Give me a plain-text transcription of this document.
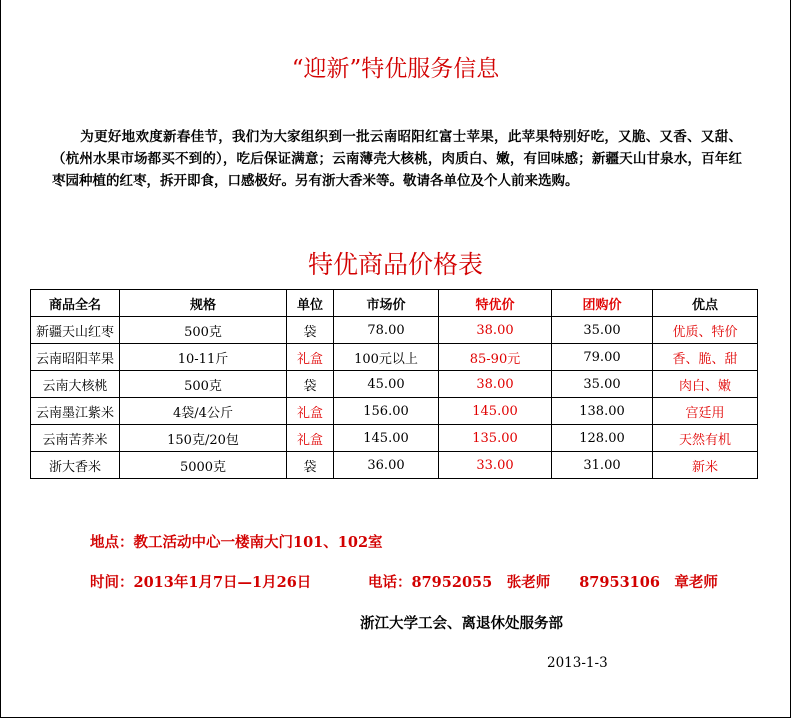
“迎新”特优服务信息

为更好地欢度新春佳节，我们为大家组织到一批云南昭阳红富士苹果，此苹果特别好吃，又脆、又香、又甜、（杭州水果市场都买不到的），吃后保证满意；云南薄壳大核桃，肉质白、嫩，有回味感；新疆天山甘泉水，百年红枣园种植的红枣，拆开即食，口感极好。另有浙大香米等。敬请各单位及个人前来选购。

特优商品价格表
商品全名	规格	单位	市场价	特优价	团购价	优点
新疆天山红枣	500克	袋	78.00	38.00	35.00	优质、特价
云南昭阳苹果	10-11斤	礼盒	100元以上	85-90元	79.00	香、脆、甜
云南大核桃	500克	袋	45.00	38.00	35.00	肉白、嫩
云南墨江紫米	4袋/4公斤	礼盒	156.00	145.00	138.00	宫廷用
云南苦荞米	150克/20包	礼盒	145.00	135.00	128.00	天然有机
浙大香米	5000克	袋	36.00	33.00	31.00	新米

地点：教工活动中心一楼南大门101、102室

时间：2013年1月7日—1月26日	电话：87952055　张老师　　87953106　章老师

浙江大学工会、离退休处服务部

2013-1-3
